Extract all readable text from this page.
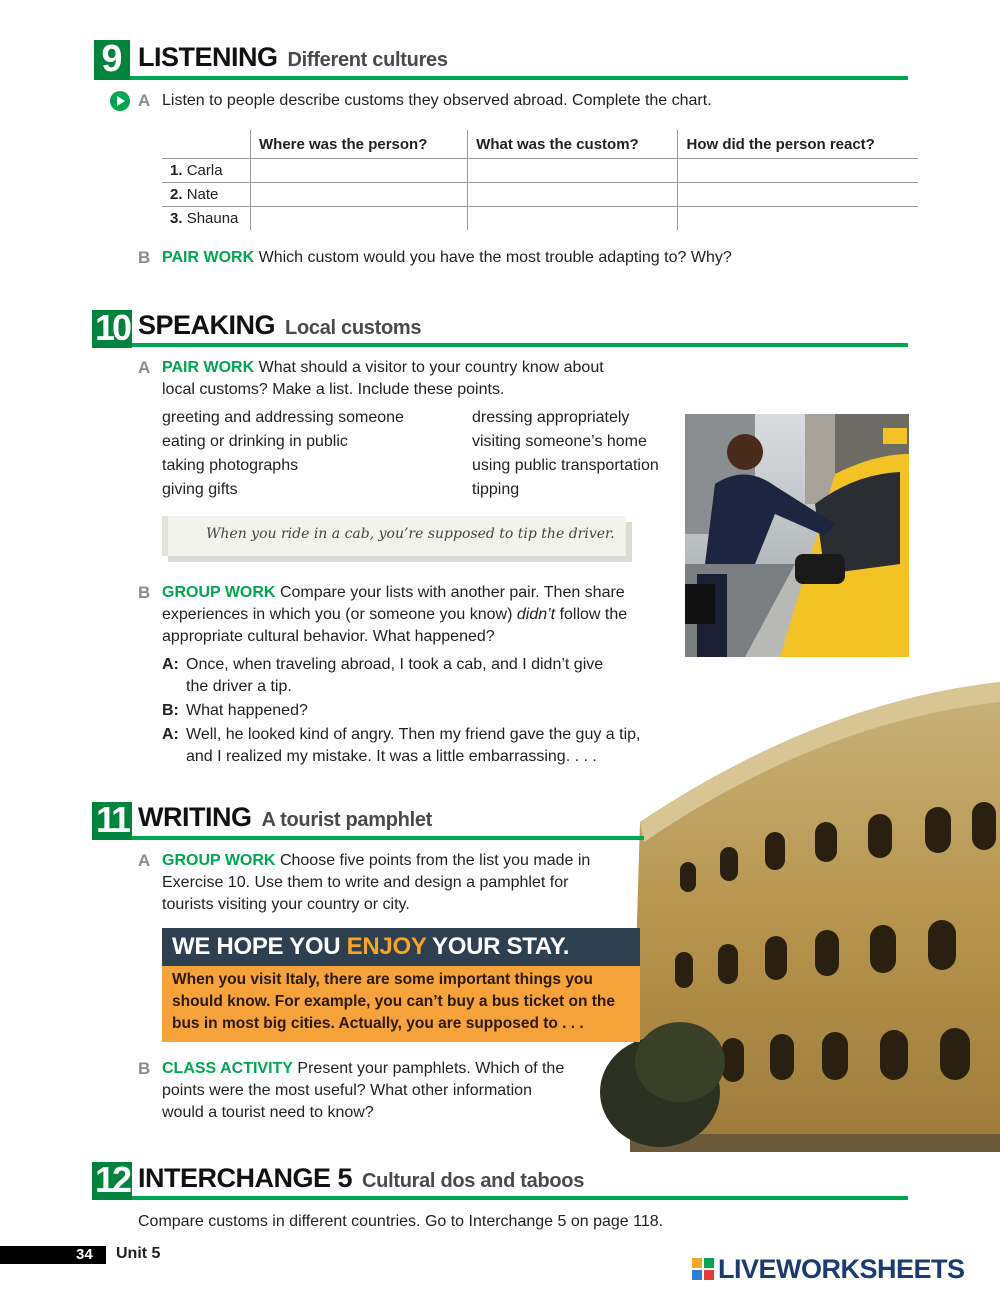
9 LISTENING Different cultures
A Listen to people describe customs they observed abroad. Complete the chart.
	Where was the person?	What was the custom?	How did the person react?
1. Carla			
2. Nate			
3. Shauna			
B PAIR WORK Which custom would you have the most trouble adapting to? Why?
10 SPEAKING Local customs
A PAIR WORK What should a visitor to your country know about
local customs? Make a list. Include these points.
greeting and addressing someone
eating or drinking in public
taking photographs
giving gifts
dressing appropriately
visiting someone’s home
using public transportation
tipping
When you ride in a cab, you’re supposed to tip the driver.
B GROUP WORK Compare your lists with another pair. Then share
experiences in which you (or someone you know) didn’t follow the
appropriate cultural behavior. What happened?
A: Once, when traveling abroad, I took a cab, and I didn’t give
the driver a tip.
B: What happened?
A: Well, he looked kind of angry. Then my friend gave the guy a tip,
and I realized my mistake. It was a little embarrassing. . . .
11 WRITING A tourist pamphlet
A GROUP WORK Choose five points from the list you made in
Exercise 10. Use them to write and design a pamphlet for
tourists visiting your country or city.
WE HOPE YOU ENJOY YOUR STAY.
When you visit Italy, there are some important things you
should know. For example, you can’t buy a bus ticket on the
bus in most big cities. Actually, you are supposed to . . .
B CLASS ACTIVITY Present your pamphlets. Which of the
points were the most useful? What other information
would a tourist need to know?
12 INTERCHANGE 5 Cultural dos and taboos
Compare customs in different countries. Go to Interchange 5 on page 118.
34 Unit 5
LIVEWORKSHEETS
